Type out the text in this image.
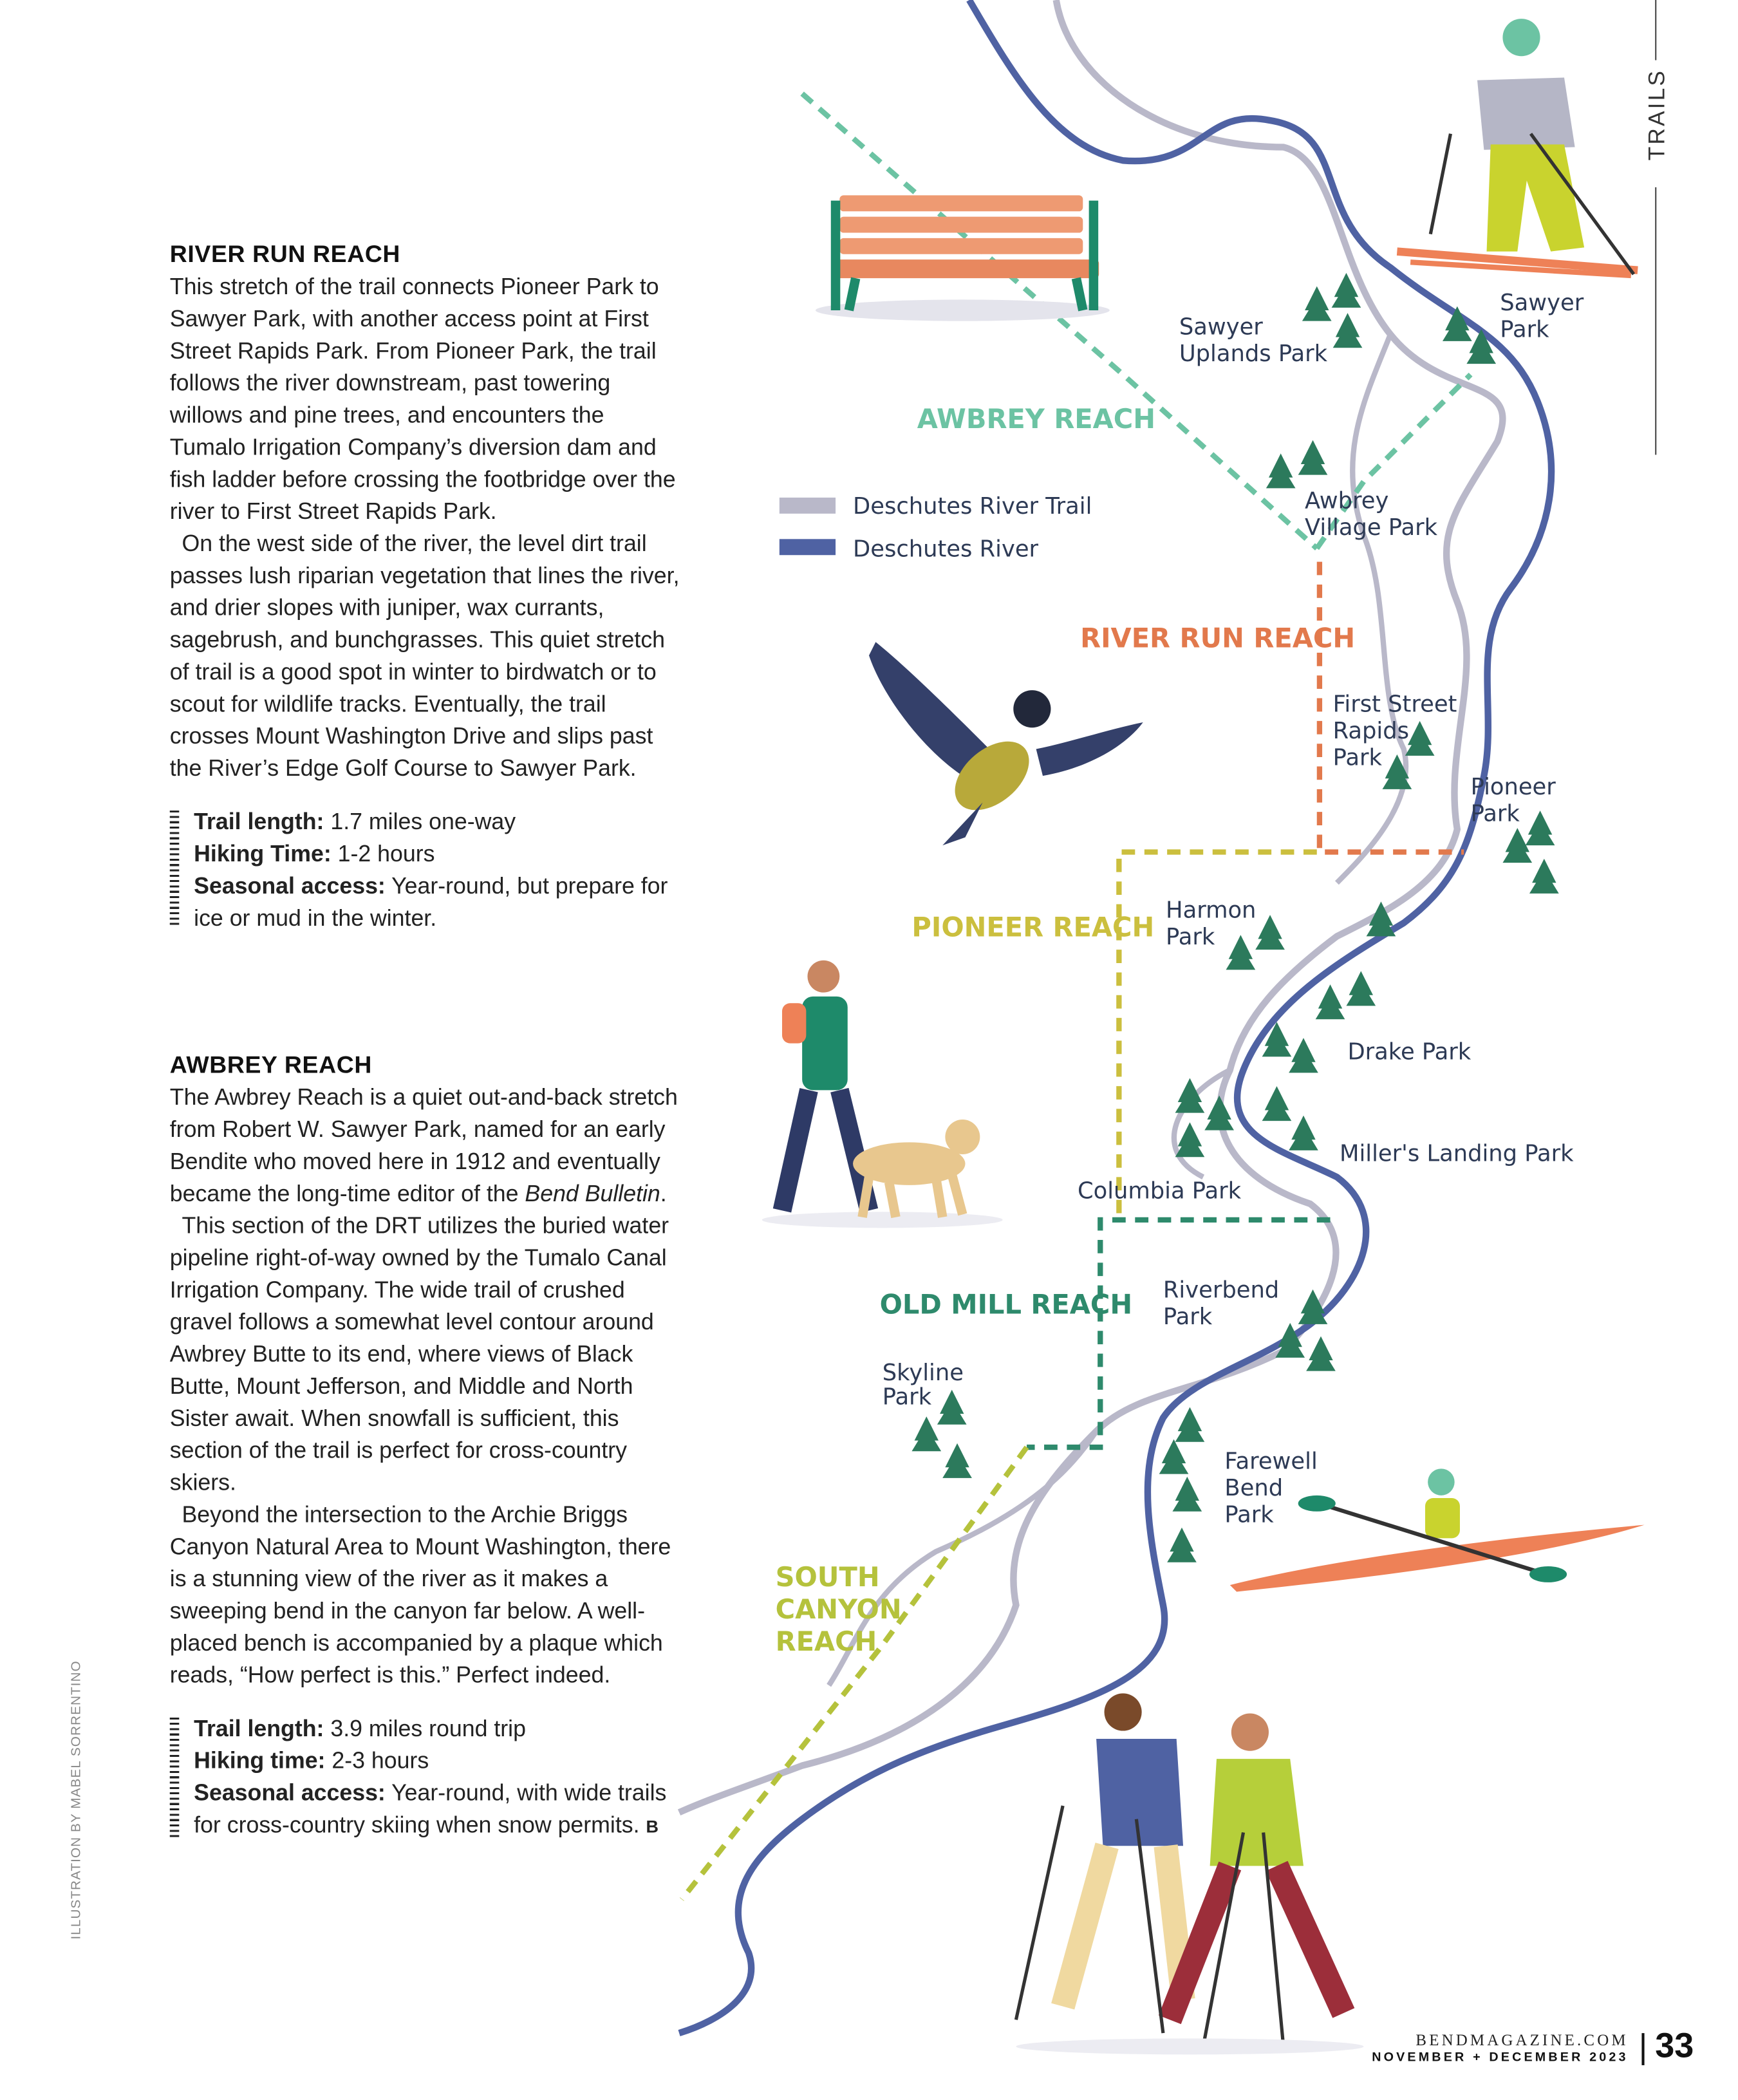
RIVER RUN REACH

This stretch of the trail connects Pioneer Park to Sawyer Park, with another access point at First Street Rapids Park. From Pioneer Park, the trail follows the river downstream, past towering willows and pine trees, and encounters the Tumalo Irrigation Company’s diversion dam and fish ladder before crossing the footbridge over the river to First Street Rapids Park.

On the west side of the river, the level dirt trail passes lush riparian vegetation that lines the river, and drier slopes with juniper, wax currants, sagebrush, and bunchgrasses. This quiet stretch of trail is a good spot in winter to birdwatch or to scout for wildlife tracks. Eventually, the trail crosses Mount Washington Drive and slips past the River’s Edge Golf Course to Sawyer Park.

Trail length: 1.7 miles one-way
Hiking Time: 1-2 hours
Seasonal access: Year-round, but prepare for ice or mud in the winter.
AWBREY REACH

The Awbrey Reach is a quiet out-and-back stretch from Robert W. Sawyer Park, named for an early Bendite who moved here in 1912 and eventually became the long-time editor of the Bend Bulletin.

This section of the DRT utilizes the buried water pipeline right-of-way owned by the Tumalo Canal Irrigation Company. The wide trail of crushed gravel follows a somewhat level contour around Awbrey Butte to its end, where views of Black Butte, Mount Jefferson, and Middle and North Sister await. When snowfall is sufficient, this section of the trail is perfect for cross-country skiers.

Beyond the intersection to the Archie Briggs Canyon Natural Area to Mount Washington, there is a stunning view of the river as it makes a sweeping bend in the canyon far below. A well-placed bench is accompanied by a plaque which reads, “How perfect is this.” Perfect indeed.

Trail length: 3.9 miles round trip
Hiking time: 2-3 hours
Seasonal access: Year-round, with wide trails for cross-country skiing when snow permits. B
ILLUSTRATION BY MABEL SORRENTINO
Deschutes River Trail
Deschutes River
AWBREY REACH
RIVER RUN REACH
PIONEER REACH
OLD MILL REACH
SOUTH
CANYON
REACH
Sawyer
Uplands Park
Sawyer
Park
Awbrey
Village Park
First Street
Rapids
Park
Pioneer
Park
Harmon
Park
Drake Park
Miller's Landing Park
Columbia Park
Riverbend
Park
Skyline
Park
Farewell
Bend
Park
TRAILS
BENDMAGAZINE.COM
NOVEMBER + DECEMBER 2023 33
